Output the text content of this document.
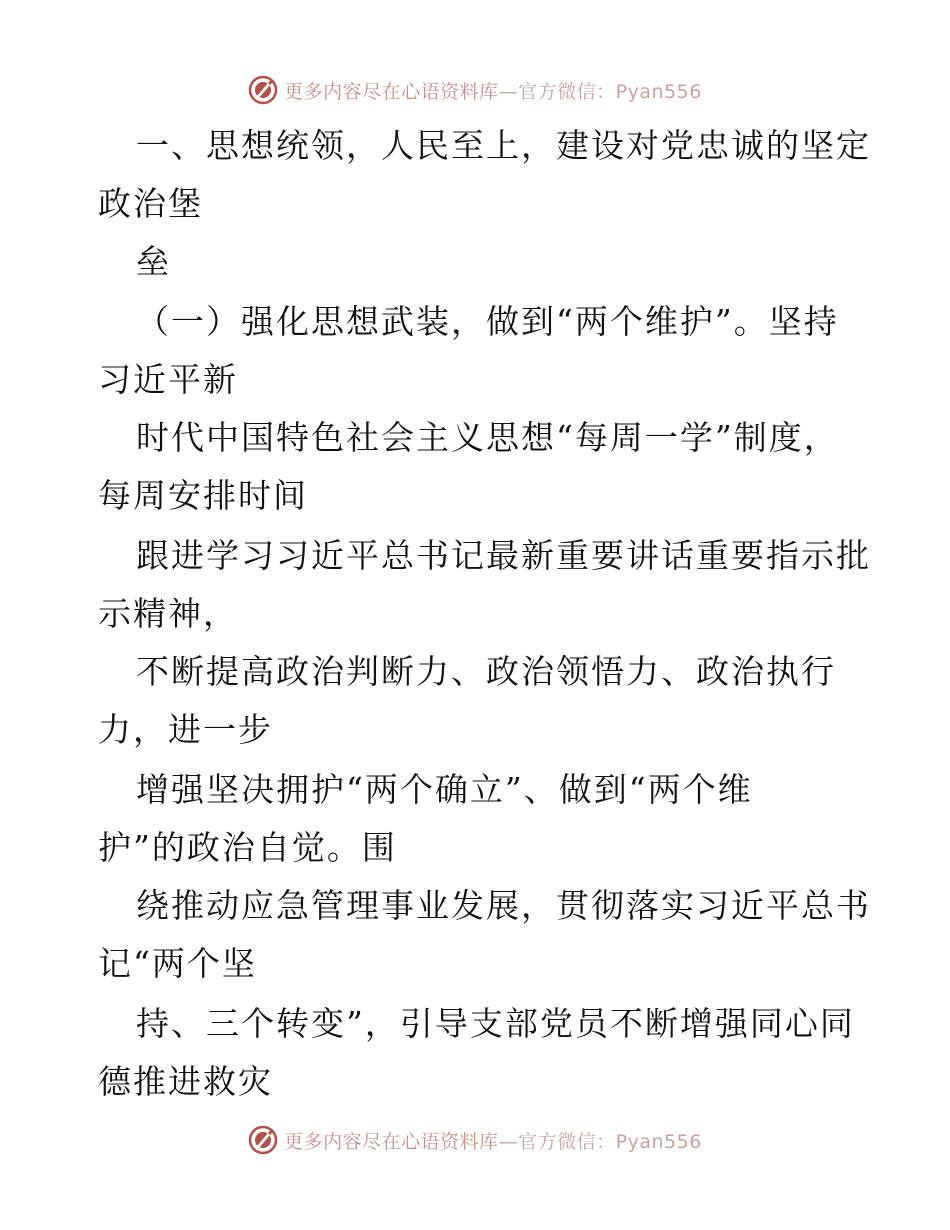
更多内容尽在心语资料库—官方微信：Pyan556
一、思想统领，人民至上，建设对党忠诚的坚定
政治堡
垒
（一）强化思想武装，做到“两个维护”。坚持
习近平新
时代中国特色社会主义思想“每周一学”制度，
每周安排时间
跟进学习习近平总书记最新重要讲话重要指示批
示精神，
不断提高政治判断力、政治领悟力、政治执行
力，进一步
增强坚决拥护“两个确立”、做到“两个维
护”的政治自觉。围
绕推动应急管理事业发展，贯彻落实习近平总书
记“两个坚
持、三个转变”，引导支部党员不断增强同心同
德推进救灾
更多内容尽在心语资料库—官方微信：Pyan556
